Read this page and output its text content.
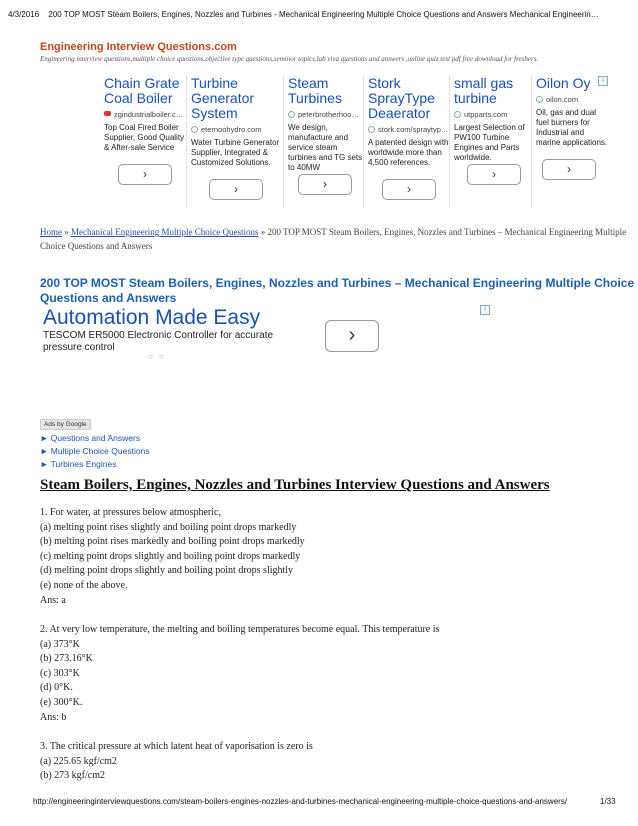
4/3/2016 200 TOP MOST Steam Boilers, Engines, Nozzles and Turbines - Mechanical Engineering Multiple Choice Questions and Answers Mechanical Engineerin…
Engineering Interview Questions.com
Engineering interview questions,multiple choice questions,objective type questions,seminor topics,lab viva questions and answers ,online quiz test pdf free download for freshers.
Chain Grate Coal Boiler
zgindustrialboiler.c…
Top Coal Fired Boiler Supplier, Good Quality & After-sale Service
›
Turbine Generator System
eternoohydro.com
Water Turbine Generator Supplier, Integrated & Customized Solutions.
›
Steam Turbines
peterbrotherhoo…
We design, manufacture and service steam turbines and TG sets to 40MW
›
Stork SprayType Deaerator
stork.com/spraytyp…
A patented design with worldwide more than 4,500 references.
›
small gas turbine
utpparts.com
Largest Selection of PW100 Turbine Engines and Parts worldwide.
›
Oilon Oy
oilon.com
Oil, gas and dual fuel burners for Industrial and marine applications.
›
i
Home » Mechanical Engineering Multiple Choice Questions » 200 TOP MOST Steam Boilers, Engines, Nozzles and Turbines – Mechanical Engineering Multiple Choice Questions and Answers
200 TOP MOST Steam Boilers, Engines, Nozzles and Turbines – Mechanical Engineering Multiple Choice
Questions and Answers
Automation Made Easy
TESCOM ER5000 Electronic Controller for accurate pressure control
›
○○
i
Ads by Google
► Questions and Answers
► Multiple Choice Questions
► Turbines Engines
Steam Boilers, Engines, Nozzles and Turbines Interview Questions and Answers
1. For water, at pressures below atmospheric,
(a) melting point rises slightly and boiling point drops markedly
(b) melting point rises markedly and boiling point drops markedly
(c) melting point drops slightly and boiling point drops markedly
(d) melting point drops slightly and boiling point drops slightly
(e) none of the above.
Ans: a
2. At very low temperature, the melting and boiling temperatures become equal. This temperature is
(a) 373°K
(b) 273.16°K
(c) 303°K
(d) 0°K.
(e) 300°K.
Ans: b
3. The critical pressure at which latent heat of vaporisation is zero is
(a) 225.65 kgf/cm2
(b) 273 kgf/cm2
http://engineeringinterviewquestions.com/steam-boilers-engines-nozzles-and-turbines-mechanical-engineering-multiple-choice-questions-and-answers/	1/33
